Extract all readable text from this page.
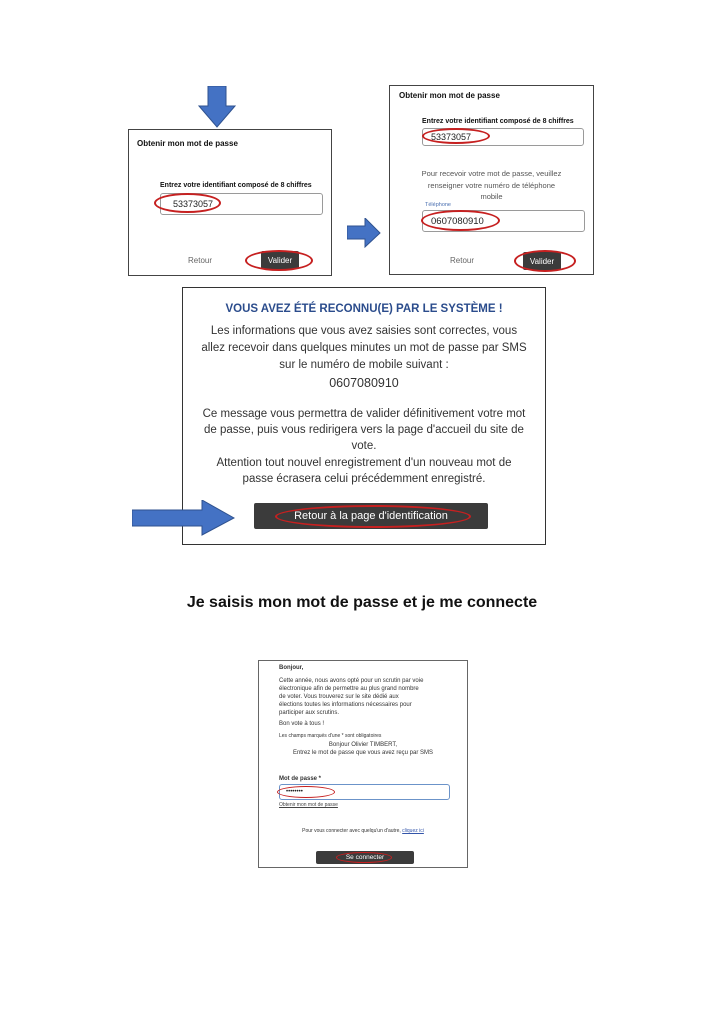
Obtenir mon mot de passe
Entrez votre identifiant composé de 8 chiffres
53373057
Retour	Valider
Obtenir mon mot de passe
Entrez votre identifiant composé de 8 chiffres
53373057
Pour recevoir votre mot de passe, veuillez
renseigner votre numéro de téléphone
mobile
Téléphone
0607080910
Retour	Valider
VOUS AVEZ ÉTÉ RECONNU(E) PAR LE SYSTÈME !
Les informations que vous avez saisies sont correctes, vous
allez recevoir dans quelques minutes un mot de passe par SMS
sur le numéro de mobile suivant :
0607080910
Ce message vous permettra de valider définitivement votre mot
de passe, puis vous redirigera vers la page d'accueil du site de
vote.
Attention tout nouvel enregistrement d'un nouveau mot de
passe écrasera celui précédemment enregistré.
Retour à la page d'identification
Je saisis mon mot de passe et je me connecte
Bonjour,
Cette année, nous avons opté pour un scrutin par voie
électronique afin de permettre au plus grand nombre
de voter. Vous trouverez sur le site dédié aux
élections toutes les informations nécessaires pour
participer aux scrutins.
Bon vote à tous !
Les champs marqués d'une * sont obligatoires
Bonjour Olivier TIMBERT,
Entrez le mot de passe que vous avez reçu par SMS
Mot de passe *
••••••••
Obtenir mon mot de passe
Pour vous connecter avec quelqu'un d'autre, cliquez ici
Se connecter
